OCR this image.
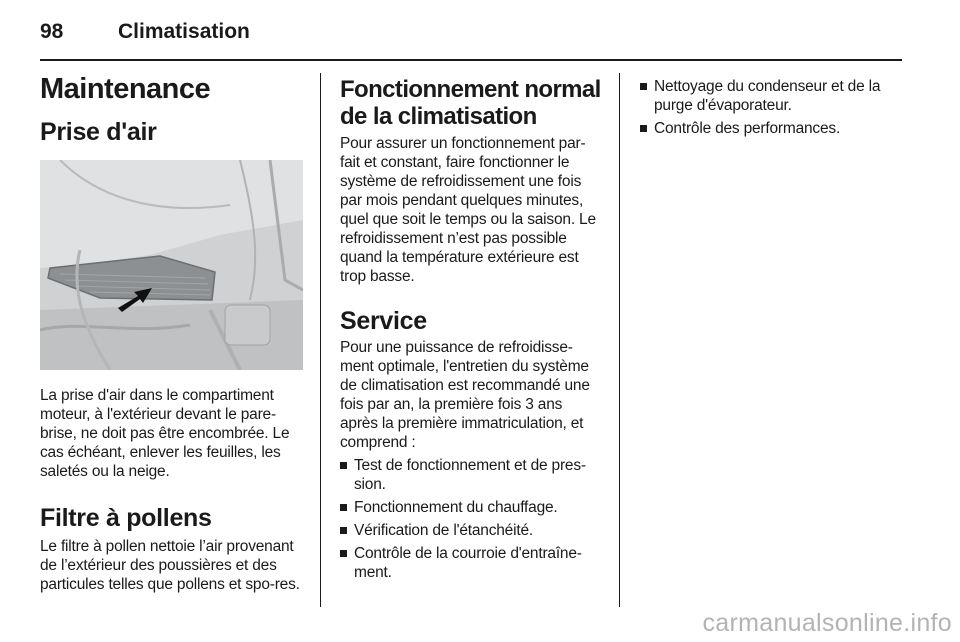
98	Climatisation
Maintenance
Prise d'air

La prise d'air dans le compartiment moteur, à l'extérieur devant le pare-brise, ne doit pas être encombrée. Le cas échéant, enlever les feuilles, les saletés ou la neige.

Filtre à pollens

Le filtre à pollen nettoie l’air provenant de l’extérieur des poussières et des particules telles que pollens et spo-res.

Fonctionnement normal de la climatisation

Pour assurer un fonctionnement par-fait et constant, faire fonctionner le système de refroidissement une fois par mois pendant quelques minutes, quel que soit le temps ou la saison. Le refroidissement n’est pas possible quand la température extérieure est trop basse.

Service

Pour une puissance de refroidisse-ment optimale, l'entretien du système de climatisation est recommandé une fois par an, la première fois 3 ans après la première immatriculation, et comprend :

Test de fonctionnement et de pres-sion.
Fonctionnement du chauffage.
Vérification de l'étanchéité.
Contrôle de la courroie d'entraîne-ment.
Nettoyage du condenseur et de la purge d'évaporateur.
Contrôle des performances.
carmanualsonline.info
